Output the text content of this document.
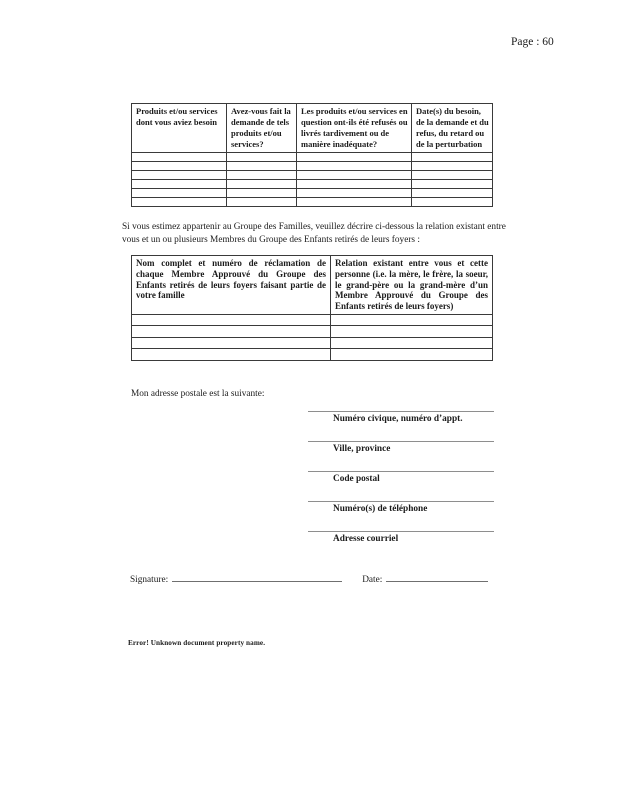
Page : 60
Produits et/ou services dont vous aviez besoin	Avez-vous fait la demande de tels produits et/ou services?	Les produits et/ou services en question ont-ils été refusés ou livrés tardivement ou de manière inadéquate?	Date(s) du besoin, de la demande et du refus, du retard ou de la perturbation

Si vous estimez appartenir au Groupe des Familles, veuillez décrire ci-dessous la relation existant entre vous et un ou plusieurs Membres du Groupe des Enfants retirés de leurs foyers :
Nom complet et numéro de réclamation de chaque Membre Approuvé du Groupe des Enfants retirés de leurs foyers faisant partie de votre famille	Relation existant entre vous et cette personne (i.e. la mère, le frère, la soeur, le grand-père ou la grand-mère d’un Membre Approuvé du Groupe des Enfants retirés de leurs foyers)

Mon adresse postale est la suivante:
Numéro civique, numéro d’appt.
Ville, province
Code postal
Numéro(s) de téléphone
Adresse courriel
Signature:	Date:
Error! Unknown document property name.
